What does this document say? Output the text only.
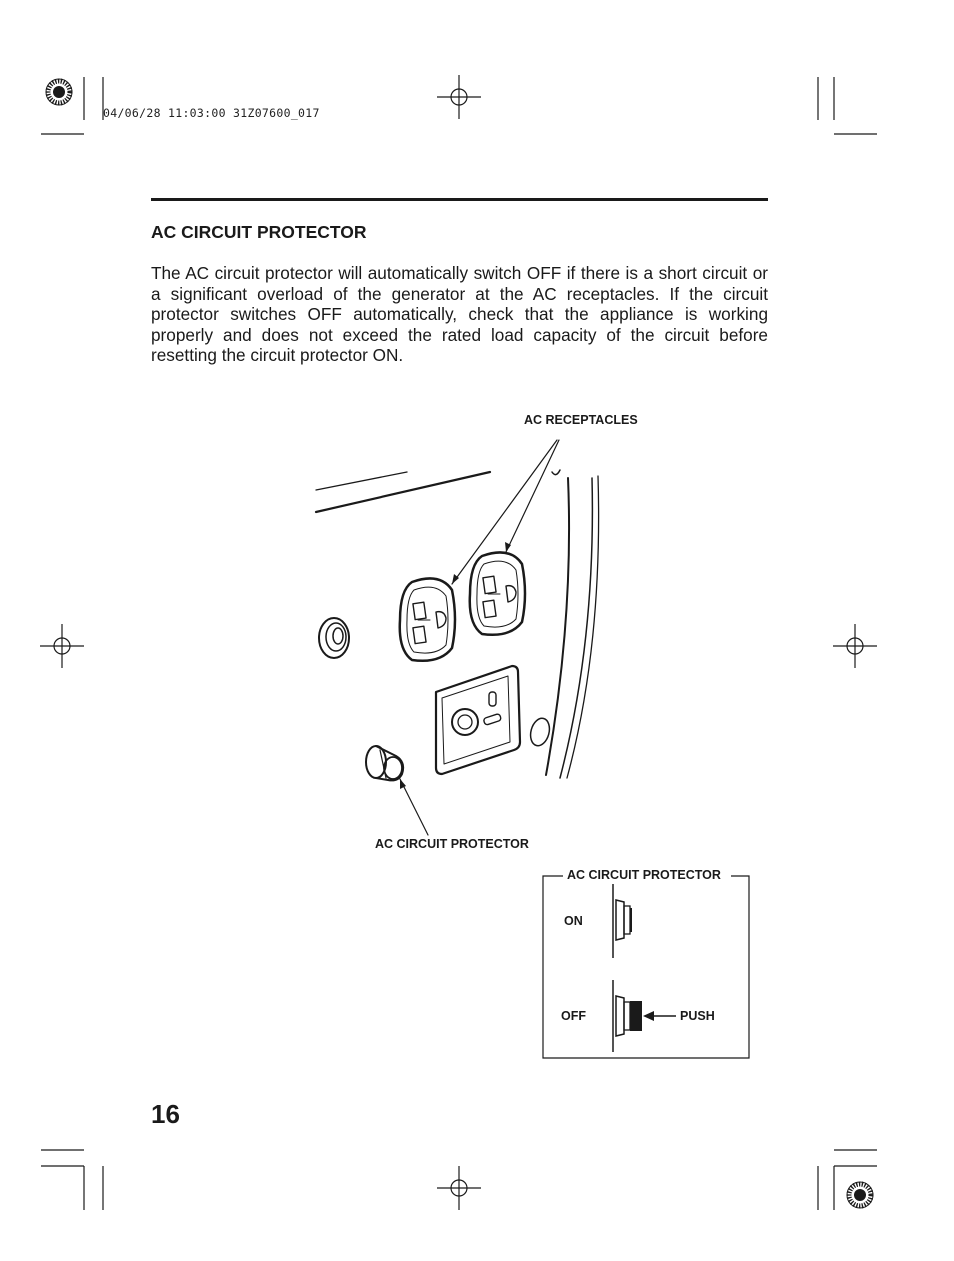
04/06/28 11:03:00 31Z07600_017
AC CIRCUIT PROTECTOR
The AC circuit protector will automatically switch OFF if there is a short circuit or a significant overload of the generator at the AC receptacles. If the circuit protector switches OFF automatically, check that the appliance is working properly and does not exceed the rated load capacity of the circuit before resetting the circuit protector ON.
AC RECEPTACLES
AC CIRCUIT PROTECTOR
AC CIRCUIT PROTECTOR
ON
OFF	PUSH
16
